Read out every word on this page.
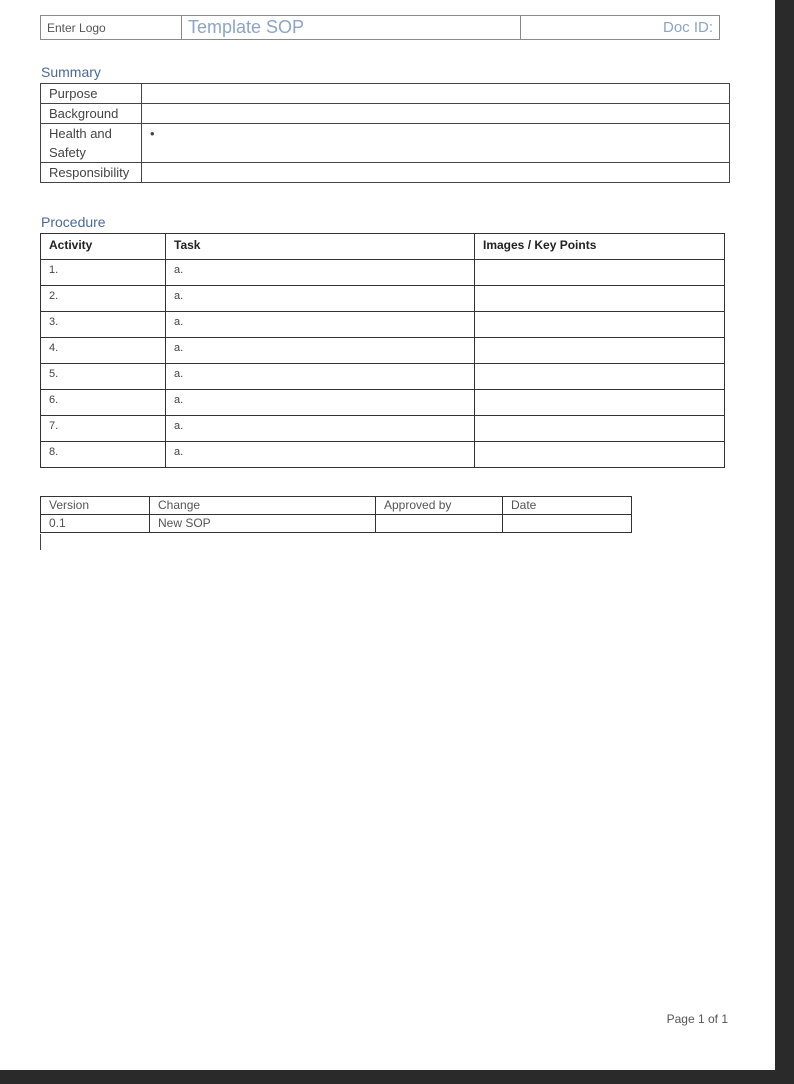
Enter Logo	Template SOP	Doc ID:
Summary
Purpose	
Background	
Health and Safety	•
Responsibility	
Procedure
Activity	Task	Images / Key Points
1.	a.	
2.	a.	
3.	a.	
4.	a.	
5.	a.	
6.	a.	
7.	a.	
8.	a.	
Version	Change	Approved by	Date
0.1	New SOP		
Page 1 of 1
